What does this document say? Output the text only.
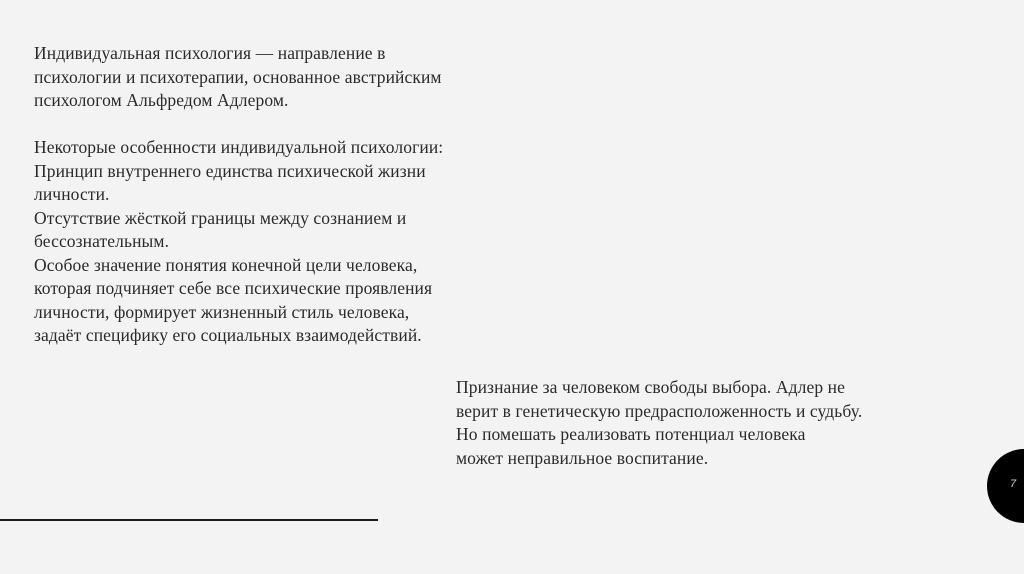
Индивидуальная психология — направление в

психологии и психотерапии, основанное австрийским

психологом Альфредом Адлером.

Некоторые особенности индивидуальной психологии:

Принцип внутреннего единства психической жизни

личности.

Отсутствие жёсткой границы между сознанием и

бессознательным.

Особое значение понятия конечной цели человека,

которая подчиняет себе все психические проявления

личности, формирует жизненный стиль человека,

задаёт специфику его социальных взаимодействий.

Признание за человеком свободы выбора. Адлер не

верит в генетическую предрасположенность и судьбу.

Но помешать реализовать потенциал человека

может неправильное воспитание.

7
